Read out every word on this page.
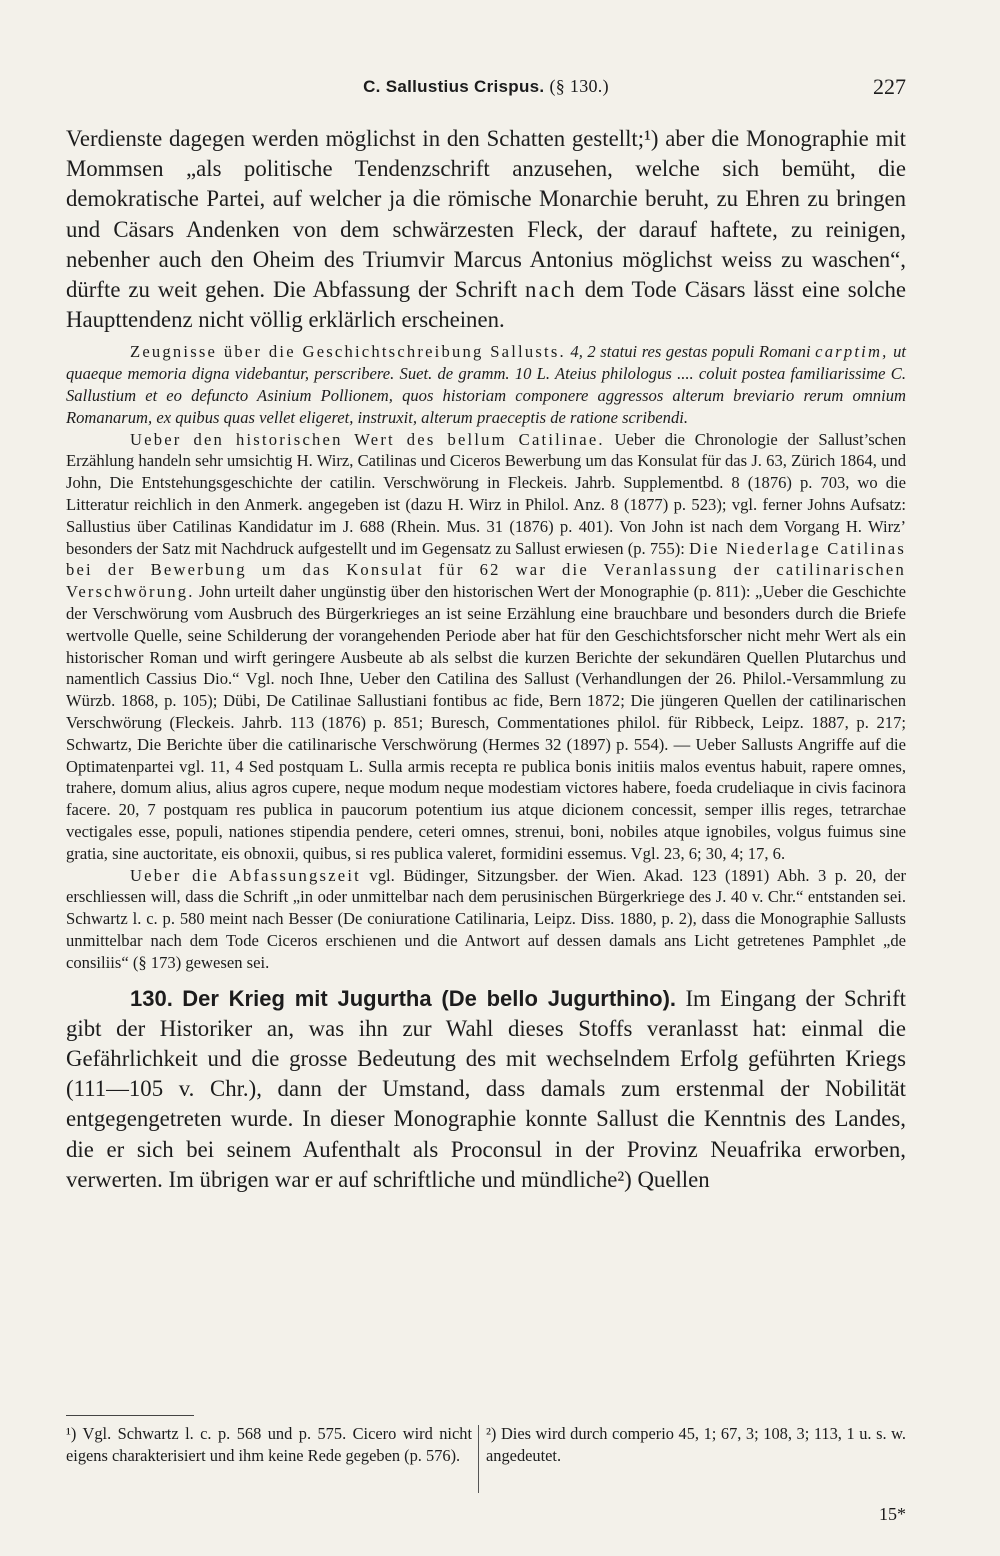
C. Sallustius Crispus. (§ 130.)	227

Verdienste dagegen werden möglichst in den Schatten gestellt;¹) aber die Monographie mit Mommsen „als politische Tendenzschrift anzusehen, welche sich bemüht, die demokratische Partei, auf welcher ja die römische Monarchie beruht, zu Ehren zu bringen und Cäsars Andenken von dem schwärzesten Fleck, der darauf haftete, zu reinigen, nebenher auch den Oheim des Triumvir Marcus Antonius möglichst weiss zu waschen“, dürfte zu weit gehen. Die Abfassung der Schrift nach dem Tode Cäsars lässt eine solche Haupttendenz nicht völlig erklärlich erscheinen.

Zeugnisse über die Geschichtschreibung Sallusts. 4, 2 statui res gestas populi Romani carptim, ut quaeque memoria digna videbantur, perscribere. Suet. de gramm. 10 L. Ateius philologus .... coluit postea familiarissime C. Sallustium et eo defuncto Asinium Pollionem, quos historiam componere aggressos alterum breviario rerum omnium Romanarum, ex quibus quas vellet eligeret, instruxit, alterum praeceptis de ratione scribendi.

Ueber den historischen Wert des bellum Catilinae. Ueber die Chronologie der Sallust’schen Erzählung handeln sehr umsichtig H. Wirz, Catilinas und Ciceros Bewerbung um das Konsulat für das J. 63, Zürich 1864, und John, Die Entstehungsgeschichte der catilin. Verschwörung in Fleckeis. Jahrb. Supplementbd. 8 (1876) p. 703, wo die Litteratur reichlich in den Anmerk. angegeben ist (dazu H. Wirz in Philol. Anz. 8 (1877) p. 523); vgl. ferner Johns Aufsatz: Sallustius über Catilinas Kandidatur im J. 688 (Rhein. Mus. 31 (1876) p. 401). Von John ist nach dem Vorgang H. Wirz’ besonders der Satz mit Nachdruck aufgestellt und im Gegensatz zu Sallust erwiesen (p. 755): Die Niederlage Catilinas bei der Bewerbung um das Konsulat für 62 war die Veranlassung der catilinarischen Verschwörung. John urteilt daher ungünstig über den historischen Wert der Monographie (p. 811): „Ueber die Geschichte der Verschwörung vom Ausbruch des Bürgerkrieges an ist seine Erzählung eine brauchbare und besonders durch die Briefe wertvolle Quelle, seine Schilderung der vorangehenden Periode aber hat für den Geschichtsforscher nicht mehr Wert als ein historischer Roman und wirft geringere Ausbeute ab als selbst die kurzen Berichte der sekundären Quellen Plutarchus und namentlich Cassius Dio.“ Vgl. noch Ihne, Ueber den Catilina des Sallust (Verhandlungen der 26. Philol.-Versammlung zu Würzb. 1868, p. 105); Dübi, De Catilinae Sallustiani fontibus ac fide, Bern 1872; Die jüngeren Quellen der catilinarischen Verschwörung (Fleckeis. Jahrb. 113 (1876) p. 851; Buresch, Commentationes philol. für Ribbeck, Leipz. 1887, p. 217; Schwartz, Die Berichte über die catilinarische Verschwörung (Hermes 32 (1897) p. 554). — Ueber Sallusts Angriffe auf die Optimatenpartei vgl. 11, 4 Sed postquam L. Sulla armis recepta re publica bonis initiis malos eventus habuit, rapere omnes, trahere, domum alius, alius agros cupere, neque modum neque modestiam victores habere, foeda crudeliaque in civis facinora facere. 20, 7 postquam res publica in paucorum potentium ius atque dicionem concessit, semper illis reges, tetrarchae vectigales esse, populi, nationes stipendia pendere, ceteri omnes, strenui, boni, nobiles atque ignobiles, volgus fuimus sine gratia, sine auctoritate, eis obnoxii, quibus, si res publica valeret, formidini essemus. Vgl. 23, 6; 30, 4; 17, 6.

Ueber die Abfassungszeit vgl. Büdinger, Sitzungsber. der Wien. Akad. 123 (1891) Abh. 3 p. 20, der erschliessen will, dass die Schrift „in oder unmittelbar nach dem perusinischen Bürgerkriege des J. 40 v. Chr.“ entstanden sei. Schwartz l. c. p. 580 meint nach Besser (De coniuratione Catilinaria, Leipz. Diss. 1880, p. 2), dass die Monographie Sallusts unmittelbar nach dem Tode Ciceros erschienen und die Antwort auf dessen damals ans Licht getretenes Pamphlet „de consiliis“ (§ 173) gewesen sei.

130. Der Krieg mit Jugurtha (De bello Jugurthino). Im Eingang der Schrift gibt der Historiker an, was ihn zur Wahl dieses Stoffs veranlasst hat: einmal die Gefährlichkeit und die grosse Bedeutung des mit wechselndem Erfolg geführten Kriegs (111—105 v. Chr.), dann der Umstand, dass damals zum erstenmal der Nobilität entgegengetreten wurde. In dieser Monographie konnte Sallust die Kenntnis des Landes, die er sich bei seinem Aufenthalt als Proconsul in der Provinz Neuafrika erworben, verwerten. Im übrigen war er auf schriftliche und mündliche²) Quellen

¹) Vgl. Schwartz l. c. p. 568 und p. 575. Cicero wird nicht eigens charakterisiert und ihm keine Rede gegeben (p. 576).
²) Dies wird durch comperio 45, 1; 67, 3; 108, 3; 113, 1 u. s. w. angedeutet.
15*
